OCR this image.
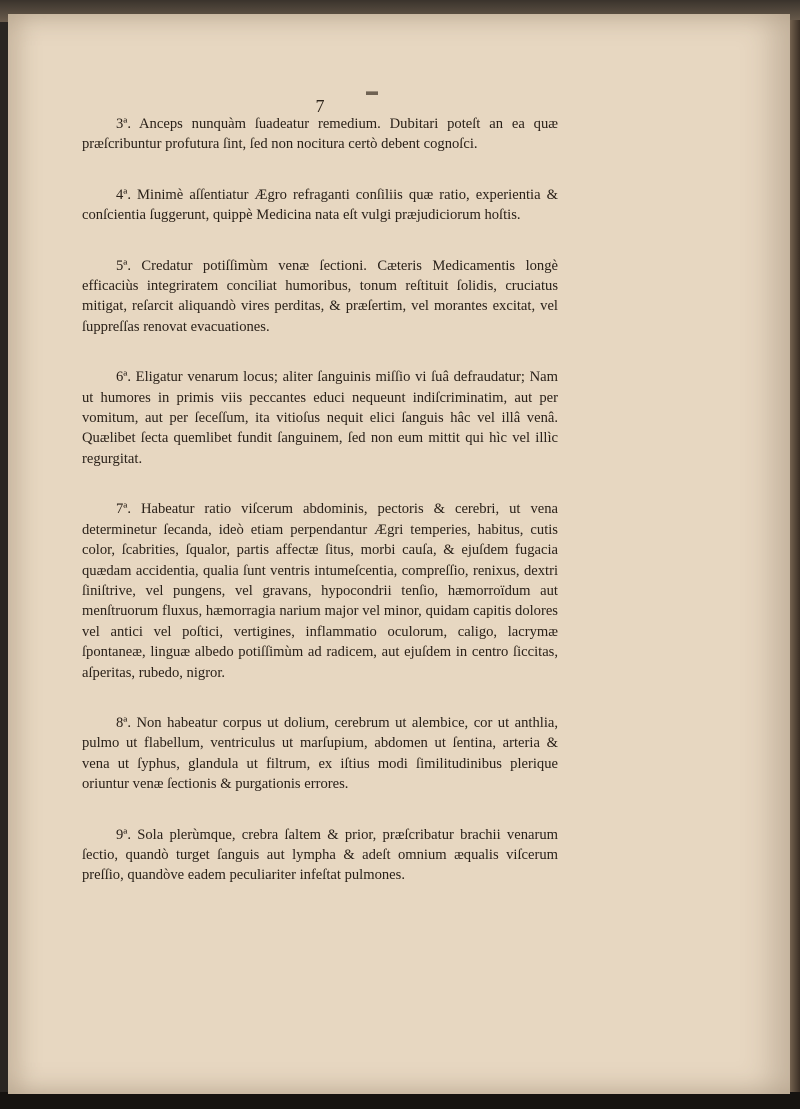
▬
7

3ª. Anceps nunquàm ſuadeatur remedium. Dubitari poteſt an ea quæ præſcribuntur profutura ſint, ſed non nocitura certò debent cognoſci.

4ª. Minimè aſſentiatur Ægro refraganti conſiliis quæ ratio, experientia & conſcientia ſuggerunt, quippè Medicina nata eſt vulgi præjudiciorum hoſtis.

5ª. Credatur potiſſimùm venæ ſectioni. Cæteris Medicamentis longè efficaciùs integriratem conciliat humoribus, tonum reſtituit ſolidis, cruciatus mitigat, reſarcit aliquandò vires perditas, & præſertim, vel morantes excitat, vel ſuppreſſas renovat evacuationes.

6ª. Eligatur venarum locus; aliter ſanguinis miſſio vi ſuâ defraudatur; Nam ut humores in primis viis peccantes educi nequeunt indiſcriminatim, aut per vomitum, aut per ſeceſſum, ita vitioſus nequit elici ſanguis hâc vel illâ venâ. Quælibet ſecta quemlibet fundit ſanguinem, ſed non eum mittit qui hìc vel illìc regurgitat.

7ª. Habeatur ratio viſcerum abdominis, pectoris & cerebri, ut vena determinetur ſecanda, ideò etiam perpendantur Ægri temperies, habitus, cutis color, ſcabrities, ſqualor, partis affectæ ſitus, morbi cauſa, & ejuſdem fugacia quædam accidentia, qualia ſunt ventris intumeſcentia, compreſſio, renixus, dextri ſiniſtrive, vel pungens, vel gravans, hypocondrii tenſio, hæmorroïdum aut menſtruorum fluxus, hæmorragia narium major vel minor, quidam capitis dolores vel antici vel poſtici, vertigines, inflammatio oculorum, caligo, lacrymæ ſpontaneæ, linguæ albedo potiſſimùm ad radicem, aut ejuſdem in centro ſiccitas, aſperitas, rubedo, nigror.

8ª. Non habeatur corpus ut dolium, cerebrum ut alembice, cor ut anthlia, pulmo ut flabellum, ventriculus ut marſupium, abdomen ut ſentina, arteria & vena ut ſyphus, glandula ut filtrum, ex iſtius modi ſimilitudinibus plerique oriuntur venæ ſectionis & purgationis errores.

9ª. Sola plerùmque, crebra ſaltem & prior, præſcribatur brachii venarum ſectio, quandò turget ſanguis aut lympha & adeſt omnium æqualis viſcerum preſſio, quandòve eadem peculiariter infeſtat pulmones.
